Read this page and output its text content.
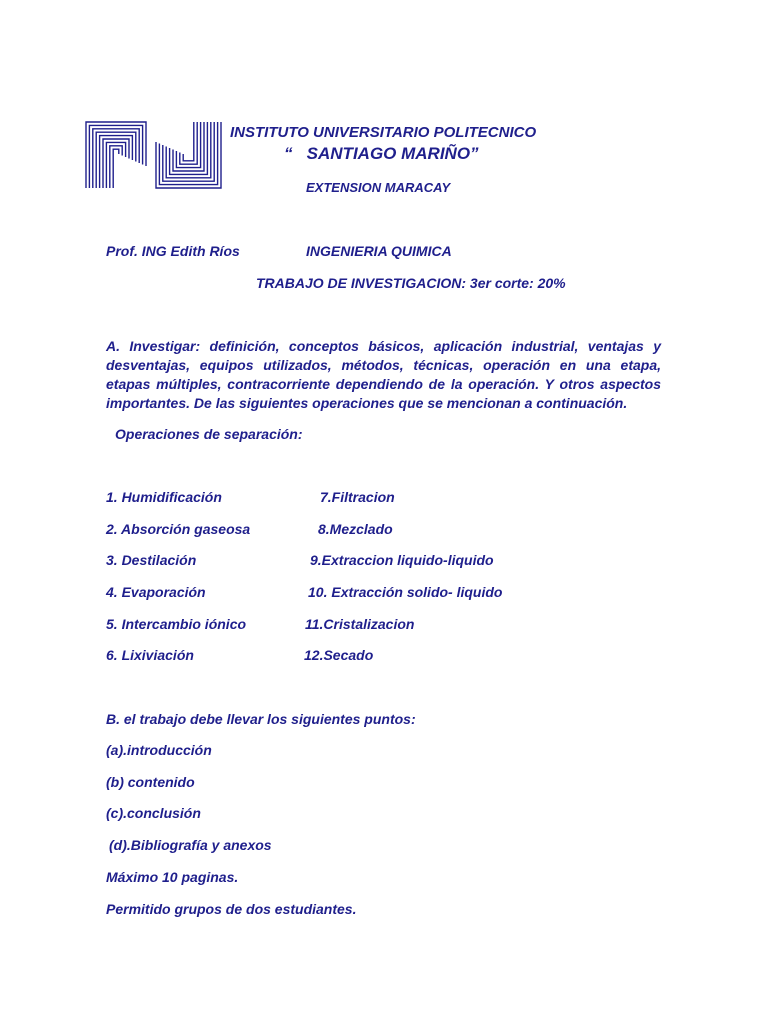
INSTITUTO UNIVERSITARIO POLITECNICO
“   SANTIAGO MARIÑO”
EXTENSION MARACAY
Prof. ING Edith Ríos	INGENIERIA QUIMICA
TRABAJO DE INVESTIGACION: 3er corte: 20%
A. Investigar: definición, conceptos básicos, aplicación industrial, ventajas y desventajas, equipos utilizados, métodos, técnicas, operación en una etapa, etapas múltiples, contracorriente dependiendo de la operación. Y otros aspectos importantes. De las siguientes operaciones que se mencionan a continuación.
Operaciones de separación:
1. Humidificación
2. Absorción gaseosa
3. Destilación
4. Evaporación
5. Intercambio iónico
6. Lixiviación
7.Filtracion
8.Mezclado
9.Extraccion liquido-liquido
10. Extracción solido- liquido
11.Cristalizacion
12.Secado
B. el trabajo debe llevar los siguientes puntos:
(a).introducción
(b) contenido
(c).conclusión
(d).Bibliografía y anexos
Máximo 10 paginas.
Permitido grupos de dos estudiantes.
